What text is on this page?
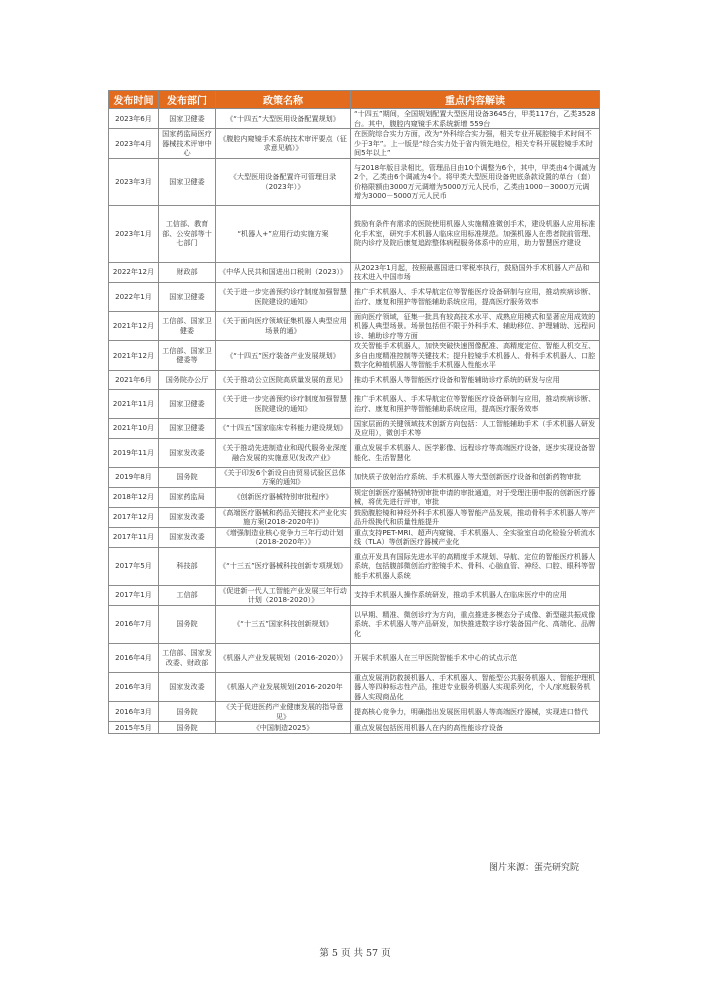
发布时间	发布部门	政策名称	重点内容解读
2023年6月	国家卫健委	《“十四五”大型医用设备配置规划》	“十四五”期间，全国规划配置大型医用设备3645台，甲类117台，乙类3528台。其中，腹腔内窥镜手术系统新增 559台
2023年4月	国家药监局医疗器械技术评审中心	《腹腔内窥镜手术系统技术审评要点（征求意见稿）》	在医院综合实力方面，改为“外科综合实力强，相关专业开展腔镜手术时间不少于3年”。上一版是“综合实力处于省内领先地位，相关专科开展腔镜手术时间5年以上”
2023年3月	国家卫健委	《大型医用设备配置许可管理目录（2023年）》	与2018年版目录相比，管理品目由10个调整为6个，其中，甲类由4个调减为2个，乙类由6个调减为4个。将甲类大型医用设备兜底条款设置的单台（套）价格限额由3000万元调增为5000万元人民币，乙类由1000－3000万元调增为3000－5000万元人民币
2023年1月	工信部、教育部、公安部等十七部门	“机器人+”应用行动实施方案	鼓励有条件有需求的医院使用机器人实施精准微创手术，建设机器人应用标准化手术室，研究手术机器人临床应用标准规范。加强机器人在患者院前管理、院内诊疗及院后康复追踪整体病程服务体系中的应用，助力智慧医疗建设
2022年12月	财政部	《中华人民共和国进出口税则（2023）》	从2023年1月起，按照最惠国进口零税率执行，鼓励国外手术机器人产品和技术进入中国市场
2022年1月	国家卫健委	《关于进一步完善预约诊疗制度加强智慧医院建设的通知》	推广手术机器人、手术导航定位等智能医疗设备研制与应用，推动疾病诊断、治疗、康复和照护等智能辅助系统应用，提高医疗服务效率
2021年12月	工信部、国家卫健委	《关于面向医疗领域征集机器人典型应用场景的通》	面向医疗领域，征集一批具有较高技术水平、成熟应用模式和显著应用成效的机器人典型场景。场景包括但不限于外科手术、辅助移位、护理辅助、远程问诊、辅助诊疗等方面
2021年12月	工信部、国家卫健委等	《“十四五”医疗装备产业发展规划》	攻关智能手术机器人，加快突破快速图像配准、高精度定位、智能人机交互、多自由度精准控制等关键技术；提升腔镜手术机器人、骨科手术机器人、口腔数字化种植机器人等智能手术机器人性能水平
2021年6月	国务院办公厅	《关于推动公立医院高质量发展的意见》	推动手术机器人等智能医疗设备和智能辅助诊疗系统的研发与应用
2021年11月	国家卫健委	《关于进一步完善预约诊疗制度加强智慧医院建设的通知》	推广手术机器人、手术导航定位等智能医疗设备研制与应用，推动疾病诊断、治疗、康复和照护等智能辅助系统应用，提高医疗服务效率
2021年10月	国家卫健委	《“十四五”国家临床专科能力建设规划》	国家层面的关键领域技术创新方向包括：人工智能辅助手术（手术机器人研发及应用），微创手术等
2019年11月	国家发改委	《关于推动先进制造业和现代服务业深度融合发展的实施意见(发改产业》	重点发展手术机器人、医学影像、远程诊疗等高端医疗设备，逐步实现设备智能化、生活智慧化
2019年8月	国务院	《关于印发6个新设自由贸易试验区总体方案的通知》	加快质子放射治疗系统、手术机器人等大型创新医疗设备和创新药物审批
2018年12月	国家药监局	《创新医疗器械特别审批程序》	规定创新医疗器械特别审批申请的审批通道，对于受理注册申报的创新医疗器械，将优先进行评审，审批
2017年12月	国家发改委	《高端医疗器械和药品关键技术产业化实施方案(2018-2020年)》	鼓励腹腔镜和神经外科手术机器人等智能产品发展，推动骨科手术机器人等产品升级换代和质量性能提升
2017年11月	国家发改委	《增强制造业核心竞争力三年行动计划（2018-2020年）》	重点支持PET-MRI、超声内窥镜、手术机器人、全实验室自动化检验分析流水线（TLA）等创新医疗器械产业化
2017年5月	科技部	《“十三五”医疗器械科技创新专项规划》	重点开发具有国际先进水平的高精度手术规划、导航、定位的智能医疗机器人系统，包括腹部微创治疗腔镜手术、骨科、心脑血管、神经、口腔、眼科等智能手术机器人系统
2017年1月	工信部	《促进新一代人工智能产业发展三年行动计划（2018-2020）》	支持手术机器人操作系统研发，推动手术机器人在临床医疗中的应用
2016年7月	国务院	《“十三五”国家科技创新规划》	以早期、精准、微创诊疗为方向，重点推进多模态分子成像、新型磁共振成像系统、手术机器人等产品研发，加快推进数字诊疗装备国产化、高端化、品牌化
2016年4月	工信部、国家发改委、财政部	《机器人产业发展规划（2016-2020）》	开展手术机器人在三甲医院智能手术中心的试点示范
2016年3月	国家发改委	《机器人产业发展规划(2016-2020年	重点发展消防救援机器人、手术机器人、智能型公共服务机器人、智能护理机器人等四种标志性产品，推进专业服务机器人实现系列化，个人/家庭服务机器人实现商品化
2016年3月	国务院	《关于促进医药产业健康发展的指导意见》	提高核心竞争力，明确指出发展医用机器人等高端医疗器械，实现进口替代
2015年5月	国务院	《中国制造2025》	重点发展包括医用机器人在内的高性能诊疗设备
图片来源：蛋壳研究院
第 5 页 共 57 页
